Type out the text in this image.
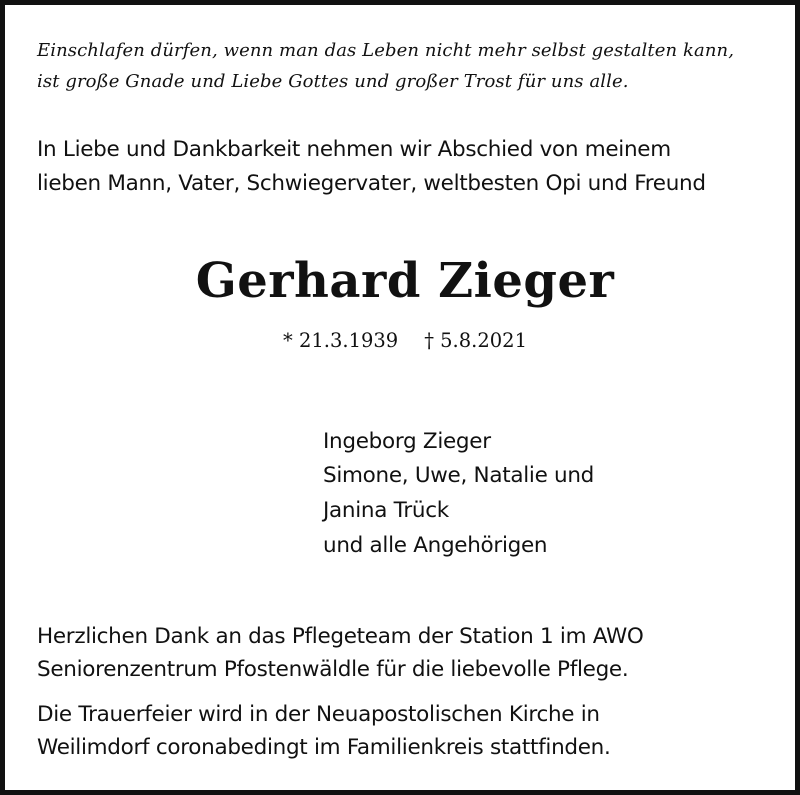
Einschlafen dürfen, wenn man das Leben nicht mehr selbst gestalten kann,
ist große Gnade und Liebe Gottes und großer Trost für uns alle.
In Liebe und Dankbarkeit nehmen wir Abschied von meinem
lieben Mann, Vater, Schwiegervater, weltbesten Opi und Freund
Gerhard Zieger
* 21.3.1939 † 5.8.2021
Ingeborg Zieger
Simone, Uwe, Natalie und
Janina Trück
und alle Angehörigen
Herzlichen Dank an das Pflegeteam der Station 1 im AWO
Seniorenzentrum Pfostenwäldle für die liebevolle Pflege.
Die Trauerfeier wird in der Neuapostolischen Kirche in
Weilimdorf coronabedingt im Familienkreis stattfinden.
